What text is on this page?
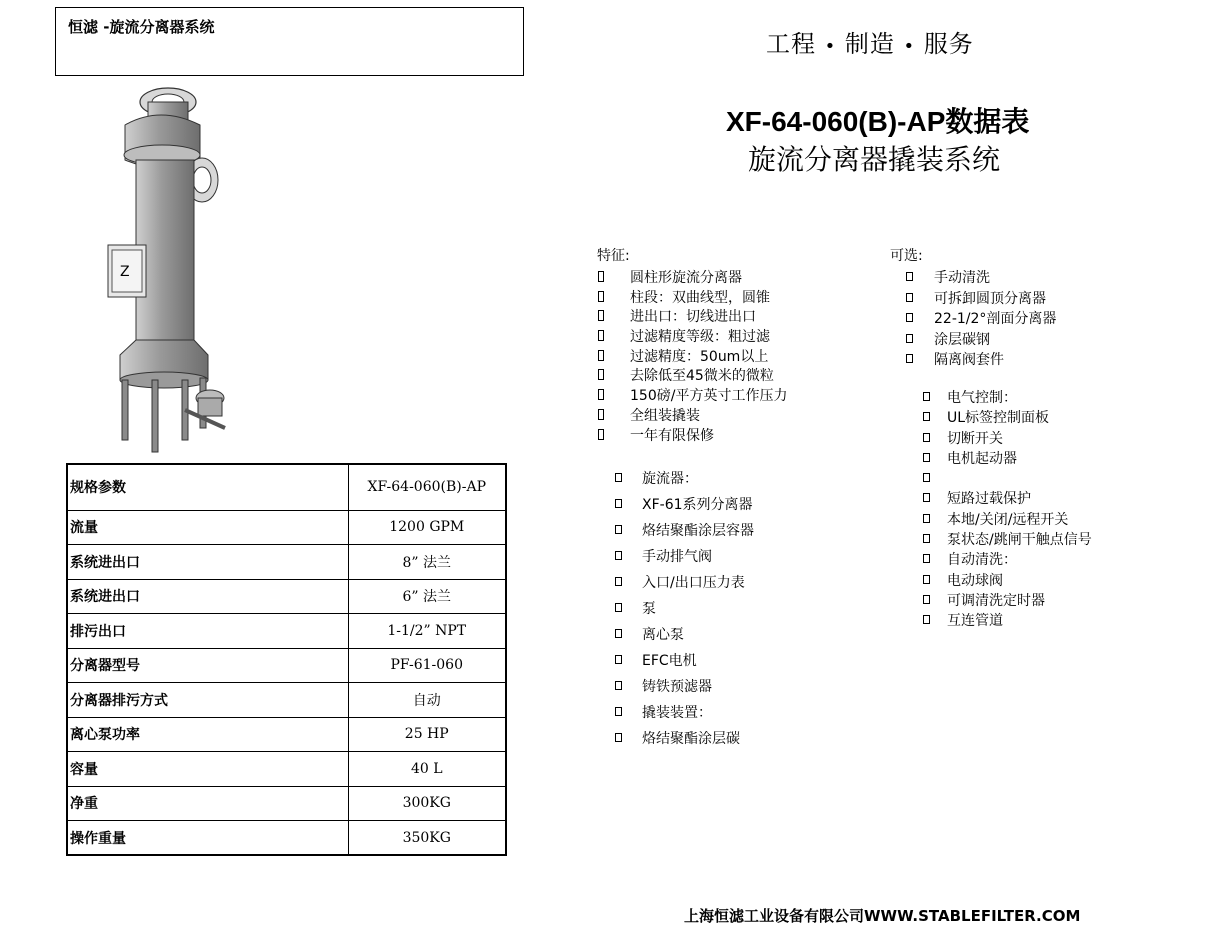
恒滤 -旋流分离器系统
工程 • 制造 • 服务
XF-64-060(B)-AP数据表
旋流分离器撬装系统
Z
规格参数	XF-64-060(B)-AP
流量	1200 GPM
系统进出口	8” 法兰
系统进出口	6” 法兰
排污出口	1-1/2” NPT
分离器型号	PF-61-060
分离器排污方式	自动
离心泵功率	25 HP
容量	40 L
净重	300KG
操作重量	350KG
特征:
圆柱形旋流分离器
柱段：双曲线型，圆锥
进出口：切线进出口
过滤精度等级：粗过滤
过滤精度：50um以上
去除低至45微米的微粒
150磅/平方英寸工作压力
全组装撬装
一年有限保修
旋流器：
XF-61系列分离器
烙结聚酯涂层容器
手动排气阀
入口/出口压力表
泵
离心泵
EFC电机
铸铁预滤器
撬装装置：
烙结聚酯涂层碳
可选:
手动清洗
可拆卸圆顶分离器
22-1/2°剖面分离器
涂层碳钢
隔离阀套件
电气控制：
UL标签控制面板
切断开关
电机起动器
短路过载保护
本地/关闭/远程开关
泵状态/跳闸干触点信号
自动清洗：
电动球阀
可调清洗定时器
互连管道
上海恒滤工业设备有限公司WWW.STABLEFILTER.COM
